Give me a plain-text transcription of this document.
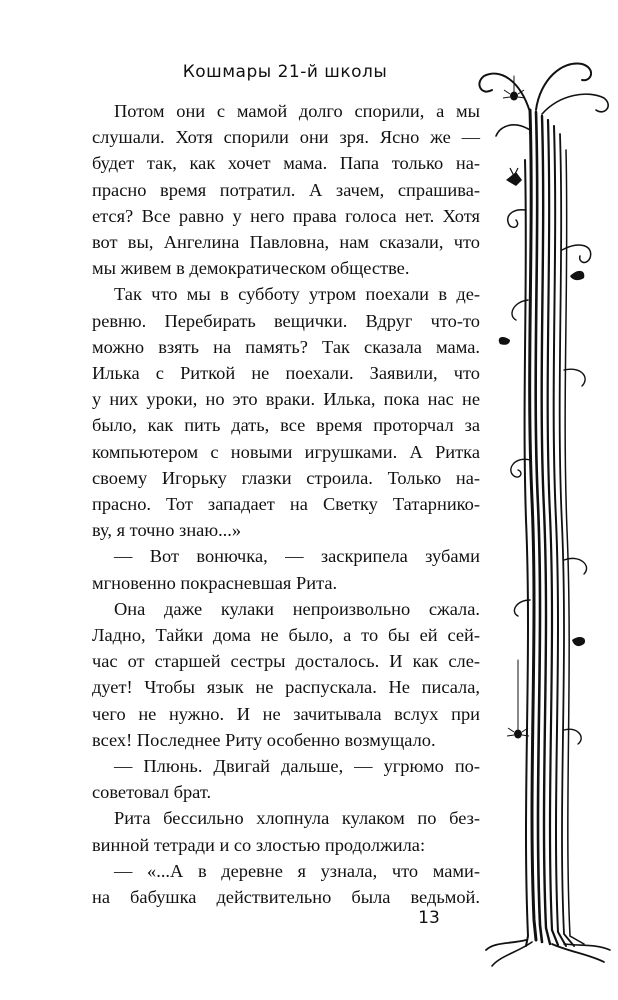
Кошмары 21-й школы
Потом они с мамой долго спорили, а мы
слушали. Хотя спорили они зря. Ясно же —
будет так, как хочет мама. Папа только на-
прасно время потратил. А зачем, спрашива-
ется? Все равно у него права голоса нет. Хотя
вот вы, Ангелина Павловна, нам сказали, что
мы живем в демократическом обществе.
Так что мы в субботу утром поехали в де-
ревню. Перебирать вещички. Вдруг что-то
можно взять на память? Так сказала мама.
Илька с Риткой не поехали. Заявили, что
у них уроки, но это враки. Илька, пока нас не
было, как пить дать, все время проторчал за
компьютером с новыми игрушками. А Ритка
своему Игорьку глазки строила. Только на-
прасно. Тот западает на Светку Татарнико-
ву, я точно знаю...»
— Вот вонючка, — заскрипела зубами
мгновенно покрасневшая Рита.
Она даже кулаки непроизвольно сжала.
Ладно, Тайки дома не было, а то бы ей сей-
час от старшей сестры досталось. И как сле-
дует! Чтобы язык не распускала. Не писала,
чего не нужно. И не зачитывала вслух при
всех! Последнее Риту особенно возмущало.
— Плюнь. Двигай дальше, — угрюмо по-
советовал брат.
Рита бессильно хлопнула кулаком по без-
винной тетради и со злостью продолжила:
— «...А в деревне я узнала, что мами-
на бабушка действительно была ведьмой.
13
